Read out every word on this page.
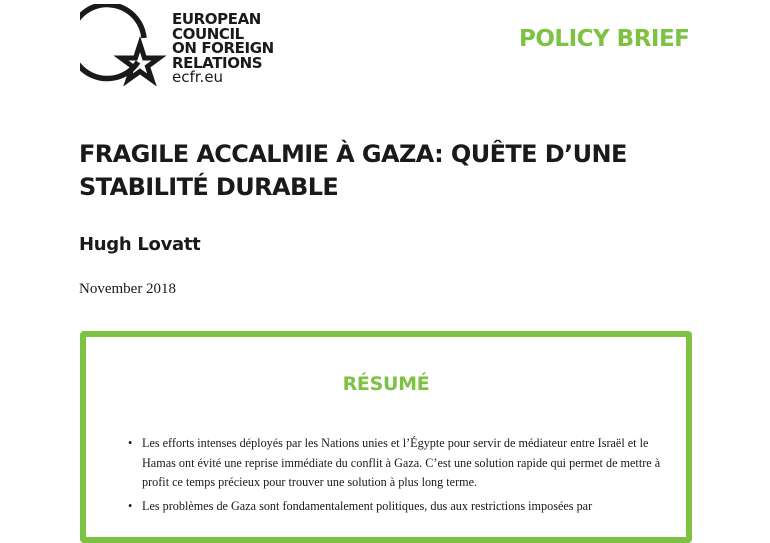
EUROPEAN
COUNCIL
ON FOREIGN
RELATIONS
ecfr.eu
POLICY BRIEF
FRAGILE ACCALMIE À GAZA: QUÊTE D’UNE
STABILITÉ DURABLE
Hugh Lovatt
November 2018
RÉSUMÉ
• Les efforts intenses déployés par les Nations unies et l’Égypte pour servir de médiateur entre Israël et le Hamas ont évité une reprise immédiate du conflit à Gaza. C’est une solution rapide qui permet de mettre à profit ce temps précieux pour trouver une solution à plus long terme.
• Les problèmes de Gaza sont fondamentalement politiques, dus aux restrictions imposées par
